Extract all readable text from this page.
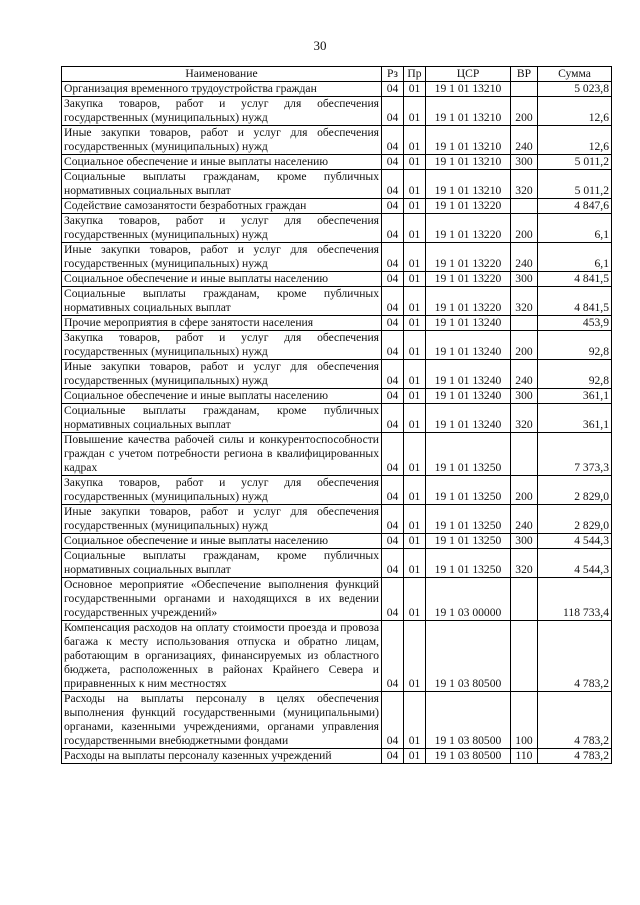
30
Наименование	Рз	Пр	ЦСР	ВР	Сумма
Организация временного трудоустройства граждан	04	01	19 1 01 13210		5 023,8
Закупка товаров, работ и услуг для обеспечения государственных (муниципальных) нужд	04	01	19 1 01 13210	200	12,6
Иные закупки товаров, работ и услуг для обеспечения государственных (муниципальных) нужд	04	01	19 1 01 13210	240	12,6
Социальное обеспечение и иные выплаты населению	04	01	19 1 01 13210	300	5 011,2
Социальные выплаты гражданам, кроме публичных нормативных социальных выплат	04	01	19 1 01 13210	320	5 011,2
Содействие самозанятости безработных граждан	04	01	19 1 01 13220		4 847,6
Закупка товаров, работ и услуг для обеспечения государственных (муниципальных) нужд	04	01	19 1 01 13220	200	6,1
Иные закупки товаров, работ и услуг для обеспечения государственных (муниципальных) нужд	04	01	19 1 01 13220	240	6,1
Социальное обеспечение и иные выплаты населению	04	01	19 1 01 13220	300	4 841,5
Социальные выплаты гражданам, кроме публичных нормативных социальных выплат	04	01	19 1 01 13220	320	4 841,5
Прочие мероприятия в сфере занятости населения	04	01	19 1 01 13240		453,9
Закупка товаров, работ и услуг для обеспечения государственных (муниципальных) нужд	04	01	19 1 01 13240	200	92,8
Иные закупки товаров, работ и услуг для обеспечения государственных (муниципальных) нужд	04	01	19 1 01 13240	240	92,8
Социальное обеспечение и иные выплаты населению	04	01	19 1 01 13240	300	361,1
Социальные выплаты гражданам, кроме публичных нормативных социальных выплат	04	01	19 1 01 13240	320	361,1
Повышение качества рабочей силы и конкурентоспособности граждан с учетом потребности региона в квалифицированных кадрах	04	01	19 1 01 13250		7 373,3
Закупка товаров, работ и услуг для обеспечения государственных (муниципальных) нужд	04	01	19 1 01 13250	200	2 829,0
Иные закупки товаров, работ и услуг для обеспечения государственных (муниципальных) нужд	04	01	19 1 01 13250	240	2 829,0
Социальное обеспечение и иные выплаты населению	04	01	19 1 01 13250	300	4 544,3
Социальные выплаты гражданам, кроме публичных нормативных социальных выплат	04	01	19 1 01 13250	320	4 544,3
Основное мероприятие «Обеспечение выполнения функций государственными органами и находящихся в их ведении государственных учреждений»	04	01	19 1 03 00000		118 733,4
Компенсация расходов на оплату стоимости проезда и провоза багажа к месту использования отпуска и обратно лицам, работающим в организациях, финансируемых из областного бюджета, расположенных в районах Крайнего Севера и приравненных к ним местностях	04	01	19 1 03 80500		4 783,2
Расходы на выплаты персоналу в целях обеспечения выполнения функций государственными (муниципальными) органами, казенными учреждениями, органами управления государственными внебюджетными фондами	04	01	19 1 03 80500	100	4 783,2
Расходы на выплаты персоналу казенных учреждений	04	01	19 1 03 80500	110	4 783,2
